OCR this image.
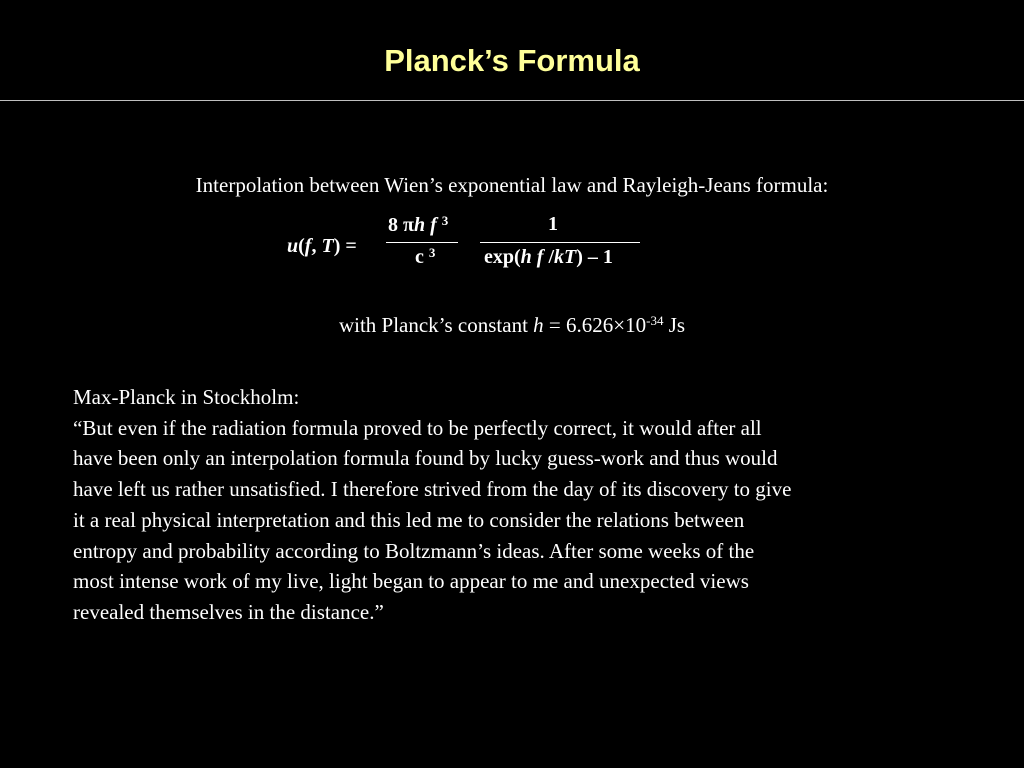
Planck’s Formula

Interpolation between Wien’s exponential law and Rayleigh-Jeans formula:

u(f, T) =
8 πh f $^3$
c $^3$
1
exp(h f /kT) – 1

with Planck’s constant $h = 6.626\times 10^{-34}$ Js

Max-Planck in Stockholm:
“But even if the radiation formula proved to be perfectly correct, it would after all
have been only an interpolation formula found by lucky guess-work and thus would
have left us rather unsatisfied. I therefore strived from the day of its discovery to give
it a real physical interpretation and this led me to consider the relations between
entropy and probability according to Boltzmann’s ideas. After some weeks of the
most intense work of my live, light began to appear to me and unexpected views
revealed themselves in the distance.”
